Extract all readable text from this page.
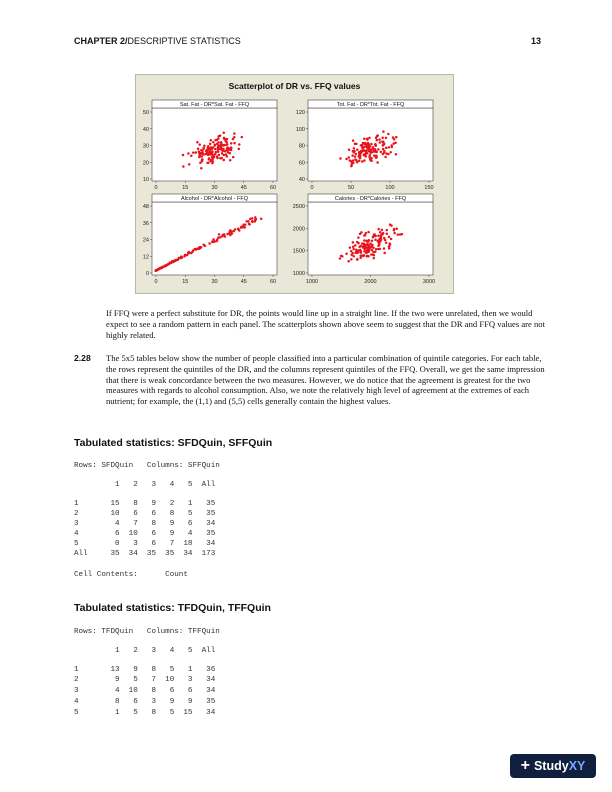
CHAPTER 2/DESCRIPTIVE STATISTICS	13
Sat. Fat - DR*Sat. Fat - FFQ
0	15	30	45	60
10
20
30
40
50
Tot. Fat - DR*Tot. Fat - FFQ
0	50	100	150
40
60
80
100
120
Alcohol - DR*Alcohol - FFQ
0	15	30	45	60
0
12
24
36
48
Calories - DR*Calories - FFQ
1000	2000	3000
1000
1500
2000
2500
Scatterplot of DR vs. FFQ values
If FFQ were a perfect substitute for DR, the points would line up in a straight line. If the two were unrelated, then we would expect to see a random pattern in each panel. The scatterplots shown above seem to suggest that the DR and FFQ values are not highly related.
2.28 The 5x5 tables below show the number of people classified into a particular combination of quintile categories. For each table, the rows represent the quintiles of the DR, and the columns represent quintiles of the FFQ. Overall, we get the same impression that there is weak concordance between the two measures. However, we do notice that the agreement is greatest for the two measures with regards to alcohol consumption. Also, we note the relatively high level of agreement at the extremes of each nutrient; for example, the (1,1) and (5,5) cells generally contain the highest values.
Tabulated statistics: SFDQuin, SFFQuin
Rows: SFDQuin   Columns: SFFQuin
1   2   3   4   5  All
1       15   8   9   2   1   35
2       10   6   6   8   5   35
3        4   7   8   9   6   34
4        6  10   6   9   4   35
5        0   3   6   7  18   34
All     35  34  35  35  34  173
Cell Contents:      Count
Tabulated statistics: TFDQuin, TFFQuin
Rows: TFDQuin   Columns: TFFQuin
1   2   3   4   5  All
1       13   9   8   5   1   36
2        9   5   7  10   3   34
3        4  10   8   6   6   34
4        8   6   3   9   9   35
5        1   5   8   5  15   34
+ StudyXY
